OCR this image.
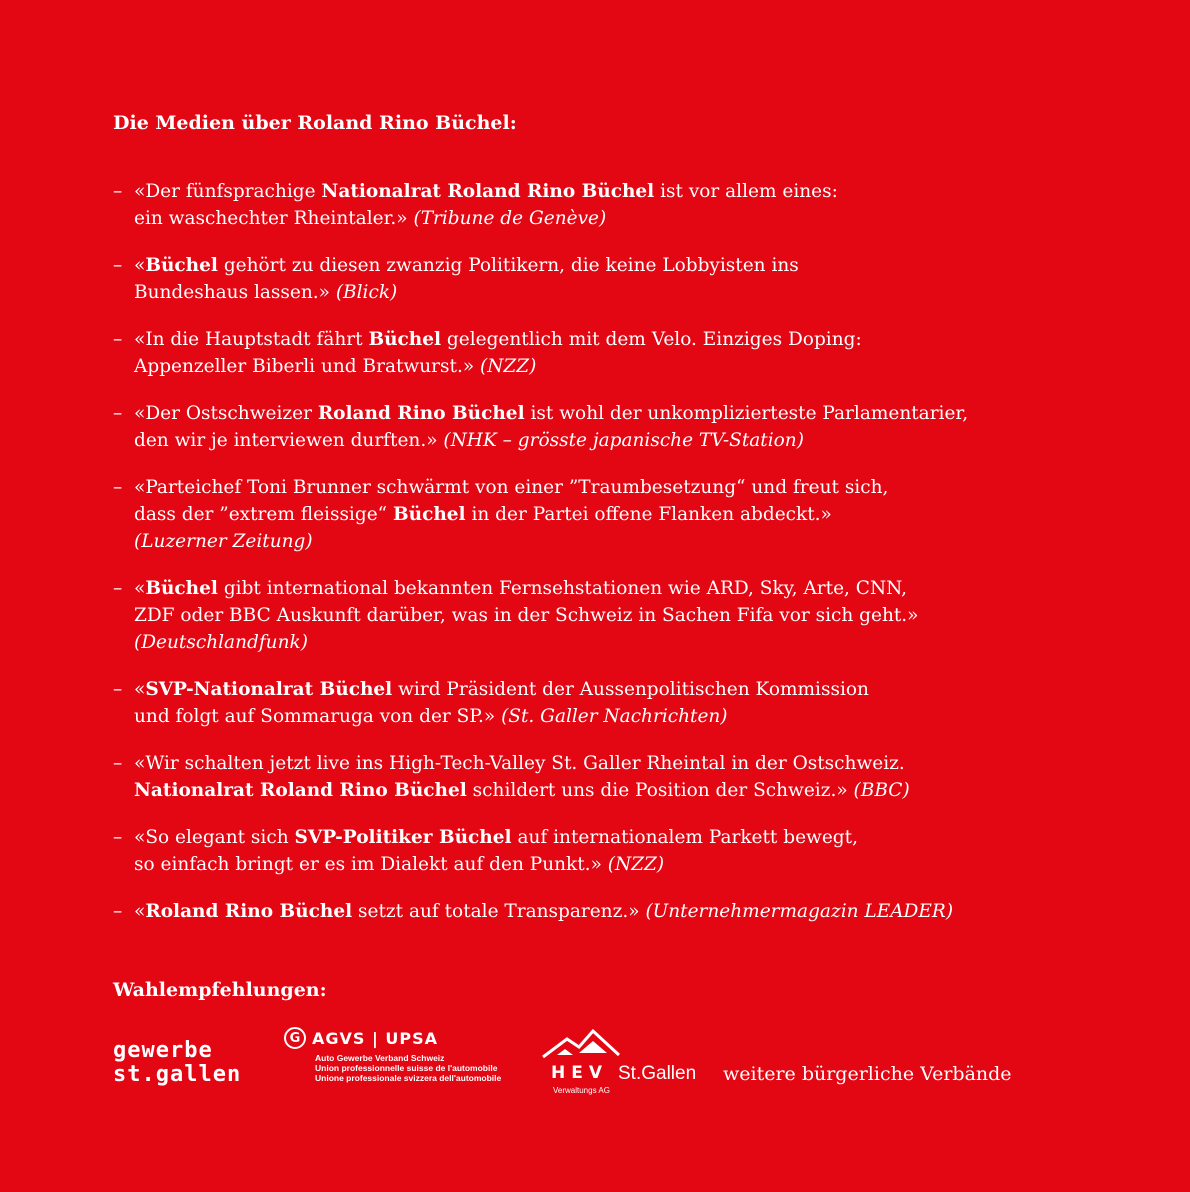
Die Medien über Roland Rino Büchel:
– «Der fünfsprachige Nationalrat Roland Rino Büchel ist vor allem eines:
ein waschechter Rheintaler.» (Tribune de Genève)
– «Büchel gehört zu diesen zwanzig Politikern, die keine Lobbyisten ins
Bundeshaus lassen.» (Blick)
– «In die Hauptstadt fährt Büchel gelegentlich mit dem Velo. Einziges Doping:
Appenzeller Biberli und Bratwurst.» (NZZ)
– «Der Ostschweizer Roland Rino Büchel ist wohl der unkomplizierteste Parlamentarier,
den wir je interviewen durften.» (NHK – grösste japanische TV-Station)
– «Parteichef Toni Brunner schwärmt von einer ”Traumbesetzung“ und freut sich,
dass der ”extrem fleissige“ Büchel in der Partei offene Flanken abdeckt.»
(Luzerner Zeitung)
– «Büchel gibt international bekannten Fernsehstationen wie ARD, Sky, Arte, CNN,
ZDF oder BBC Auskunft darüber, was in der Schweiz in Sachen Fifa vor sich geht.»
(Deutschlandfunk)
– «SVP-Nationalrat Büchel wird Präsident der Aussenpolitischen Kommission
und folgt auf Sommaruga von der SP.» (St. Galler Nachrichten)
– «Wir schalten jetzt live ins High-Tech-Valley St. Galler Rheintal in der Ostschweiz.
Nationalrat Roland Rino Büchel schildert uns die Position der Schweiz.» (BBC)
– «So elegant sich SVP-Politiker Büchel auf internationalem Parkett bewegt,
so einfach bringt er es im Dialekt auf den Punkt.» (NZZ)
– «Roland Rino Büchel setzt auf totale Transparenz.» (Unternehmermagazin LEADER)
Wahlempfehlungen:
gewerbe
st.gallen
G AGVS | UPSA
Auto Gewerbe Verband Schweiz
Union professionnelle suisse de l'automobile
Unione professionale svizzera dell'automobile	HEV St.Gallen
Verwaltungs AG
weitere bürgerliche Verbände
